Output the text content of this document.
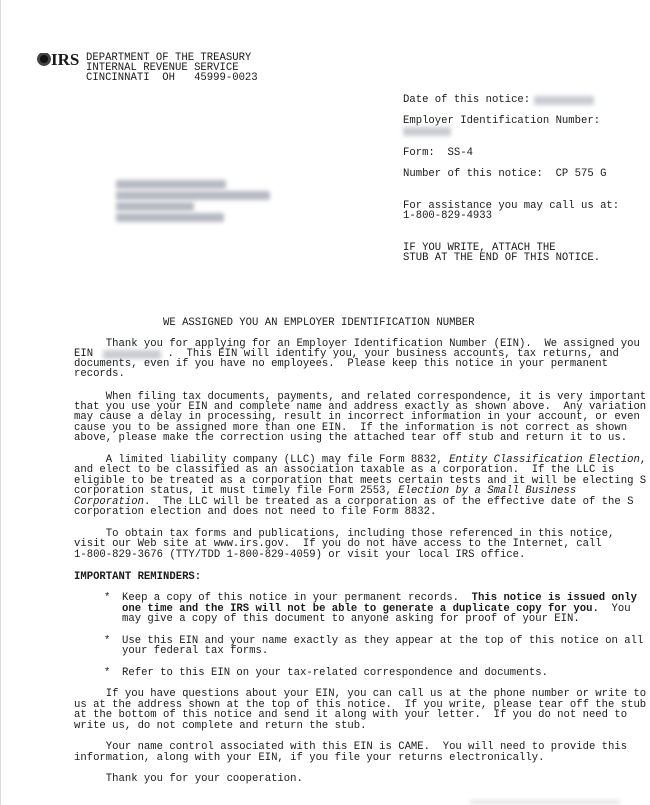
IRS DEPARTMENT OF THE TREASURY
INTERNAL REVENUE SERVICE
CINCINNATI  OH   45999-0023
Date of this notice:
Employer Identification Number:
Form:  SS-4
Number of this notice:  CP 575 G
For assistance you may call us at:
1-800-829-4933
IF YOU WRITE, ATTACH THE
STUB AT THE END OF THIS NOTICE.
WE ASSIGNED YOU AN EMPLOYER IDENTIFICATION NUMBER
Thank you for applying for an Employer Identification Number (EIN).  We assigned you
EIN	.  This EIN will identify you, your business accounts, tax returns, and
documents, even if you have no employees.  Please keep this notice in your permanent
records.
When filing tax documents, payments, and related correspondence, it is very important
that you use your EIN and complete name and address exactly as shown above.  Any variation
may cause a delay in processing, result in incorrect information in your account, or even
cause you to be assigned more than one EIN.  If the information is not correct as shown
above, please make the correction using the attached tear off stub and return it to us.
A limited liability company (LLC) may file Form 8832, Entity Classification Election,
and elect to be classified as an association taxable as a corporation.  If the LLC is
eligible to be treated as a corporation that meets certain tests and it will be electing S
corporation status, it must timely file Form 2553, Election by a Small Business
Corporation.  The LLC will be treated as a corporation as of the effective date of the S
corporation election and does not need to file Form 8832.
To obtain tax forms and publications, including those referenced in this notice,
visit our Web site at www.irs.gov.  If you do not have access to the Internet, call
1-800-829-3676 (TTY/TDD 1-800-829-4059) or visit your local IRS office.
IMPORTANT REMINDERS:
* Keep a copy of this notice in your permanent records.  This notice is issued only
one time and the IRS will not be able to generate a duplicate copy for you.  You
may give a copy of this document to anyone asking for proof of your EIN.
* Use this EIN and your name exactly as they appear at the top of this notice on all
your federal tax forms.
* Refer to this EIN on your tax-related correspondence and documents.
If you have questions about your EIN, you can call us at the phone number or write to
us at the address shown at the top of this notice.  If you write, please tear off the stub
at the bottom of this notice and send it along with your letter.  If you do not need to
write us, do not complete and return the stub.
Your name control associated with this EIN is CAME.  You will need to provide this
information, along with your EIN, if you file your returns electronically.
Thank you for your cooperation.
